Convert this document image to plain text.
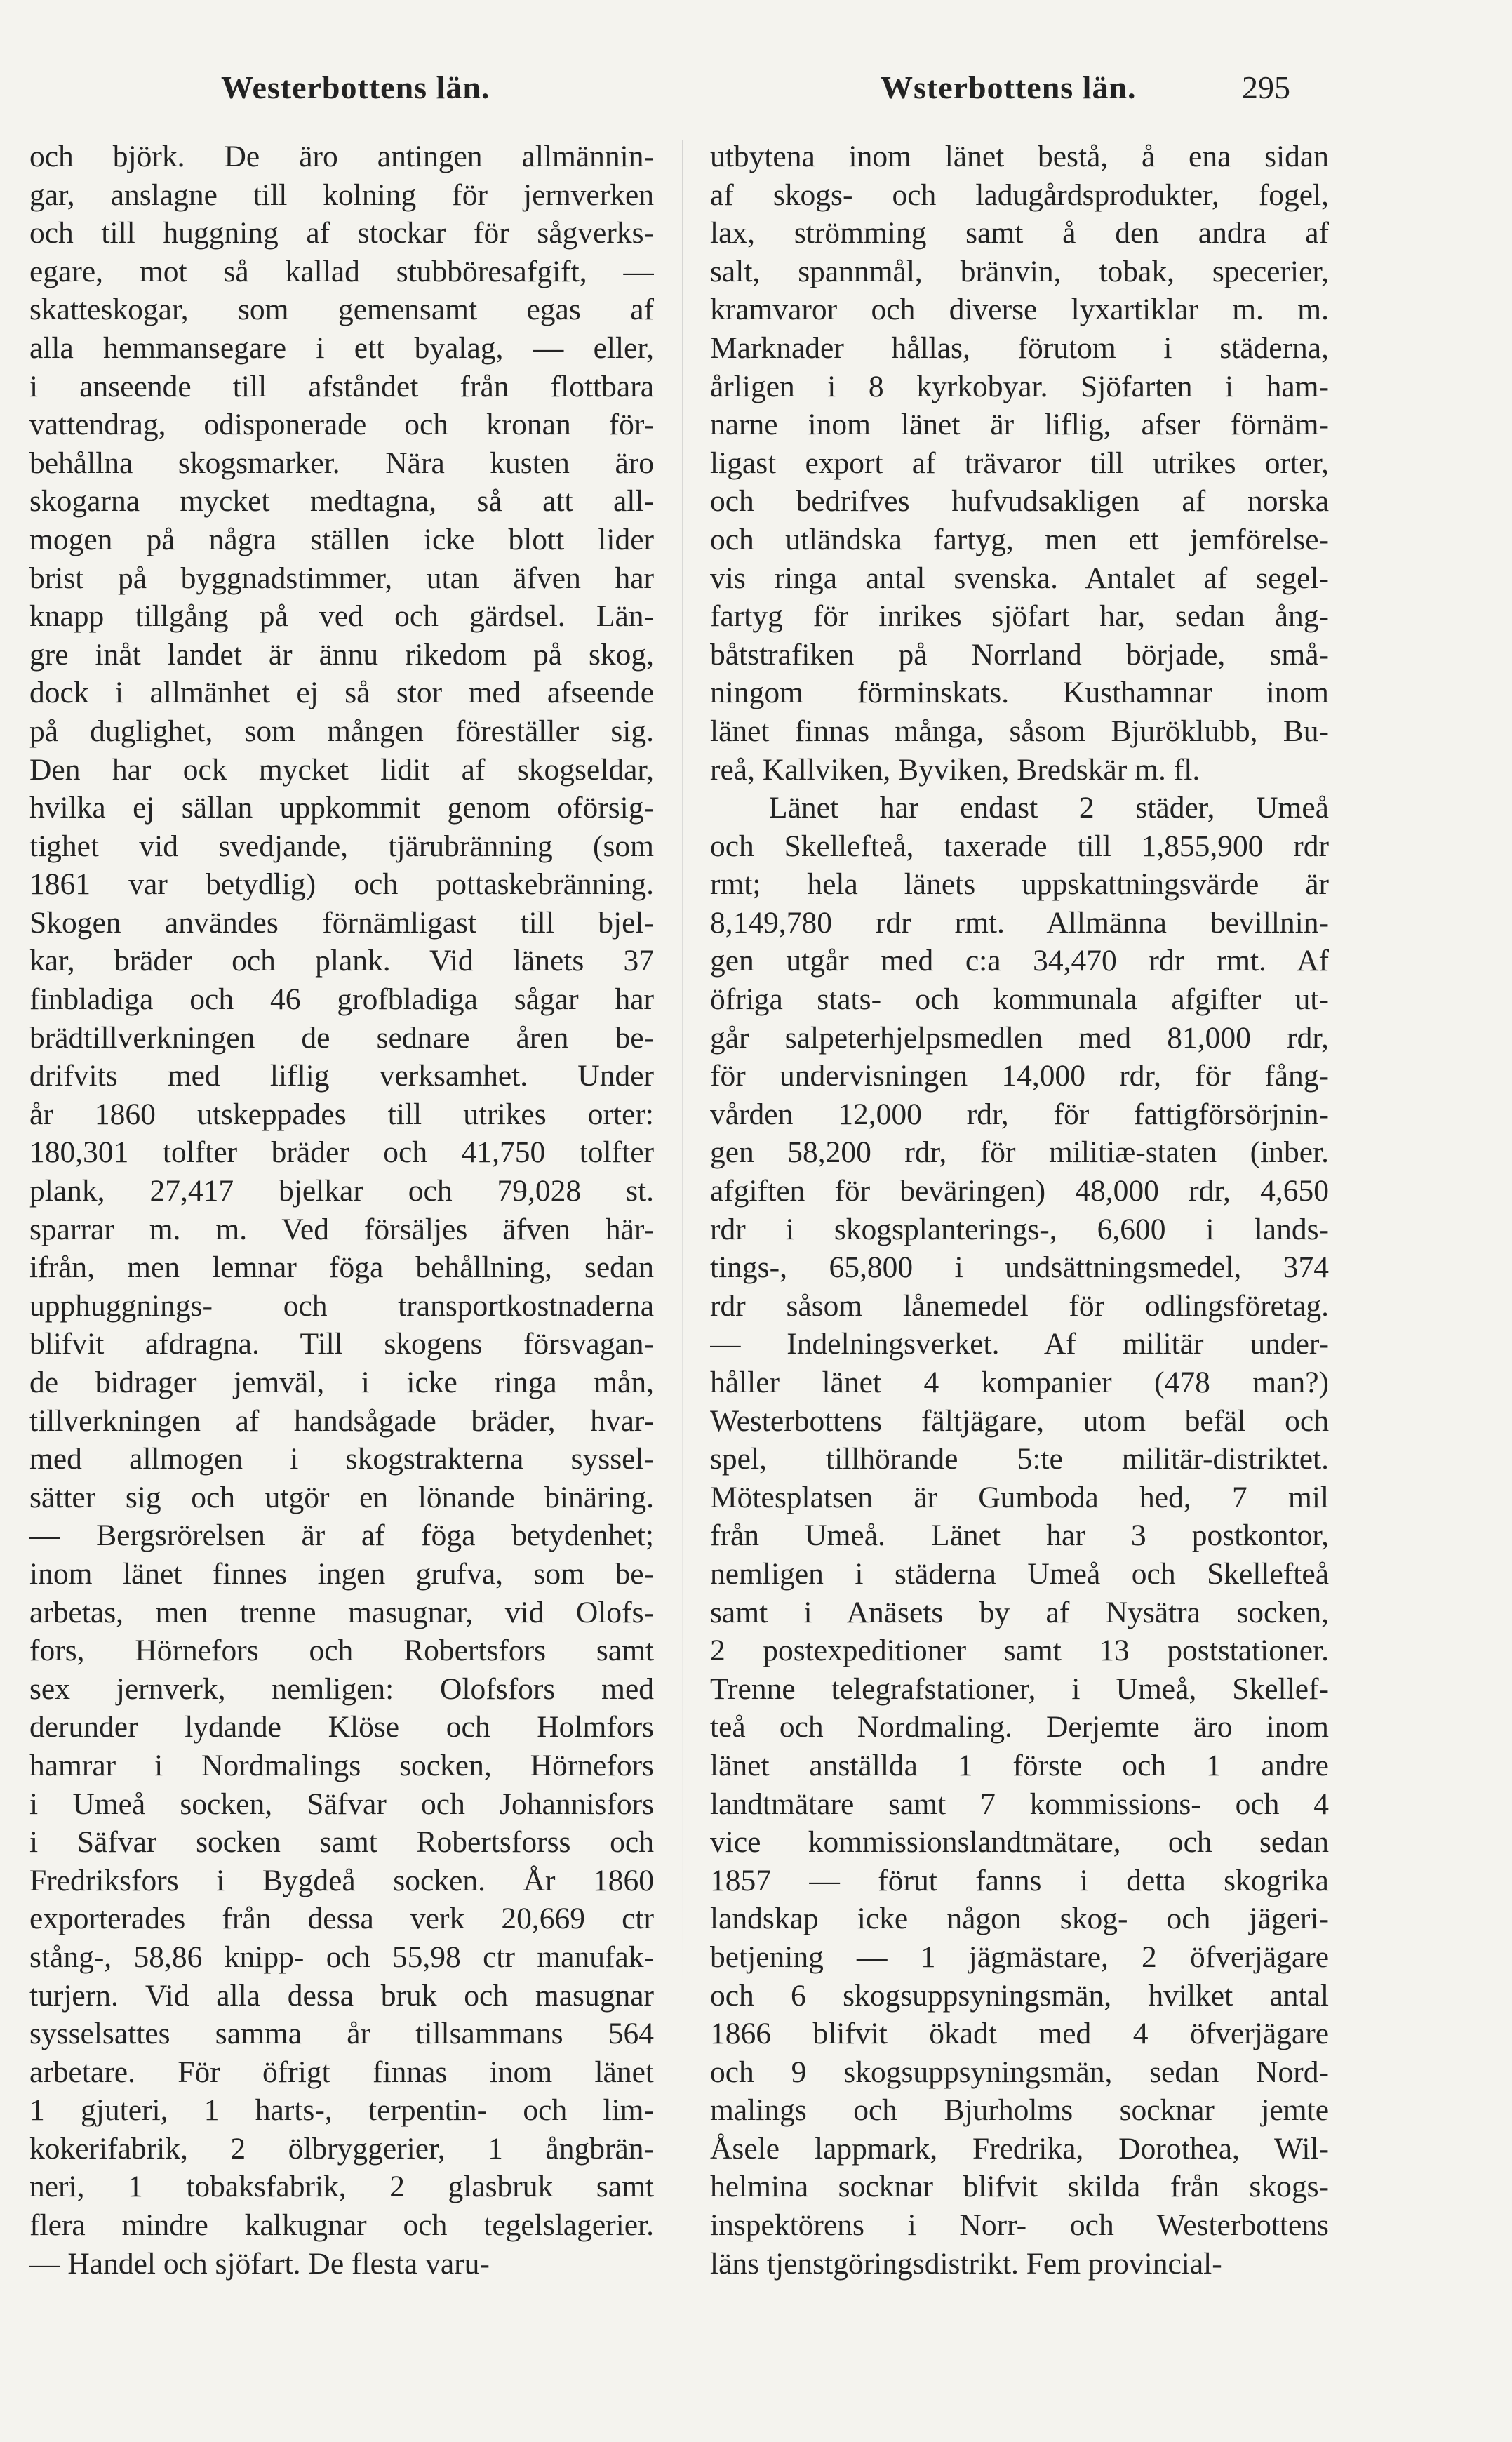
Westerbottens län.	Wsterbottens län.	295
och björk. De äro antingen allmännin-
gar, anslagne till kolning för jernverken
och till huggning af stockar för sågverks-
egare, mot så kallad stubböresafgift, —
skatteskogar, som gemensamt egas af
alla hemmansegare i ett byalag, — eller,
i anseende till afståndet från flottbara
vattendrag, odisponerade och kronan för-
behållna skogsmarker. Nära kusten äro
skogarna mycket medtagna, så att all-
mogen på några ställen icke blott lider
brist på byggnadstimmer, utan äfven har
knapp tillgång på ved och gärdsel. Län-
gre inåt landet är ännu rikedom på skog,
dock i allmänhet ej så stor med afseende
på duglighet, som mången föreställer sig.
Den har ock mycket lidit af skogseldar,
hvilka ej sällan uppkommit genom oförsig-
tighet vid svedjande, tjärubränning (som
1861 var betydlig) och pottaskebränning.
Skogen användes förnämligast till bjel-
kar, bräder och plank. Vid länets 37
finbladiga och 46 grofbladiga sågar har
brädtillverkningen de sednare åren be-
drifvits med liflig verksamhet. Under
år 1860 utskeppades till utrikes orter:
180,301 tolfter bräder och 41,750 tolfter
plank, 27,417 bjelkar och 79,028 st.
sparrar m. m. Ved försäljes äfven här-
ifrån, men lemnar föga behållning, sedan
upphuggnings- och transportkostnaderna
blifvit afdragna. Till skogens försvagan-
de bidrager jemväl, i icke ringa mån,
tillverkningen af handsågade bräder, hvar-
med allmogen i skogstrakterna syssel-
sätter sig och utgör en lönande binäring.
— Bergsrörelsen är af föga betydenhet;
inom länet finnes ingen grufva, som be-
arbetas, men trenne masugnar, vid Olofs-
fors, Hörnefors och Robertsfors samt
sex jernverk, nemligen: Olofsfors med
derunder lydande Klöse och Holmfors
hamrar i Nordmalings socken, Hörnefors
i Umeå socken, Säfvar och Johannisfors
i Säfvar socken samt Robertsforss och
Fredriksfors i Bygdeå socken. År 1860
exporterades från dessa verk 20,669 ctr
stång-, 58,86 knipp- och 55,98 ctr manufak-
turjern. Vid alla dessa bruk och masugnar
sysselsattes samma år tillsammans 564
arbetare. För öfrigt finnas inom länet
1 gjuteri, 1 harts-, terpentin- och lim-
kokerifabrik, 2 ölbryggerier, 1 ångbrän-
neri, 1 tobaksfabrik, 2 glasbruk samt
flera mindre kalkugnar och tegelslagerier.
— Handel och sjöfart. De flesta varu-
utbytena inom länet bestå, å ena sidan
af skogs- och ladugårdsprodukter, fogel,
lax, strömming samt å den andra af
salt, spannmål, bränvin, tobak, specerier,
kramvaror och diverse lyxartiklar m. m.
Marknader hållas, förutom i städerna,
årligen i 8 kyrkobyar. Sjöfarten i ham-
narne inom länet är liflig, afser förnäm-
ligast export af trävaror till utrikes orter,
och bedrifves hufvudsakligen af norska
och utländska fartyg, men ett jemförelse-
vis ringa antal svenska. Antalet af segel-
fartyg för inrikes sjöfart har, sedan ång-
båtstrafiken på Norrland började, små-
ningom förminskats. Kusthamnar inom
länet finnas många, såsom Bjuröklubb, Bu-
reå, Kallviken, Byviken, Bredskär m. fl.
Länet har endast 2 städer, Umeå
och Skellefteå, taxerade till 1,855,900 rdr
rmt; hela länets uppskattningsvärde är
8,149,780 rdr rmt. Allmänna bevillnin-
gen utgår med c:a 34,470 rdr rmt. Af
öfriga stats- och kommunala afgifter ut-
går salpeterhjelpsmedlen med 81,000 rdr,
för undervisningen 14,000 rdr, för fång-
vården 12,000 rdr, för fattigförsörjnin-
gen 58,200 rdr, för militiæ-staten (inber.
afgiften för beväringen) 48,000 rdr, 4,650
rdr i skogsplanterings-, 6,600 i lands-
tings-, 65,800 i undsättningsmedel, 374
rdr såsom lånemedel för odlingsföretag.
— Indelningsverket. Af militär under-
håller länet 4 kompanier (478 man?)
Westerbottens fältjägare, utom befäl och
spel, tillhörande 5:te militär-distriktet.
Mötesplatsen är Gumboda hed, 7 mil
från Umeå. Länet har 3 postkontor,
nemligen i städerna Umeå och Skellefteå
samt i Anäsets by af Nysätra socken,
2 postexpeditioner samt 13 poststationer.
Trenne telegrafstationer, i Umeå, Skellef-
teå och Nordmaling. Derjemte äro inom
länet anställda 1 förste och 1 andre
landtmätare samt 7 kommissions- och 4
vice kommissionslandtmätare, och sedan
1857 — förut fanns i detta skogrika
landskap icke någon skog- och jägeri-
betjening — 1 jägmästare, 2 öfverjägare
och 6 skogsuppsyningsmän, hvilket antal
1866 blifvit ökadt med 4 öfverjägare
och 9 skogsuppsyningsmän, sedan Nord-
malings och Bjurholms socknar jemte
Åsele lappmark, Fredrika, Dorothea, Wil-
helmina socknar blifvit skilda från skogs-
inspektörens i Norr- och Westerbottens
läns tjenstgöringsdistrikt. Fem provincial-
